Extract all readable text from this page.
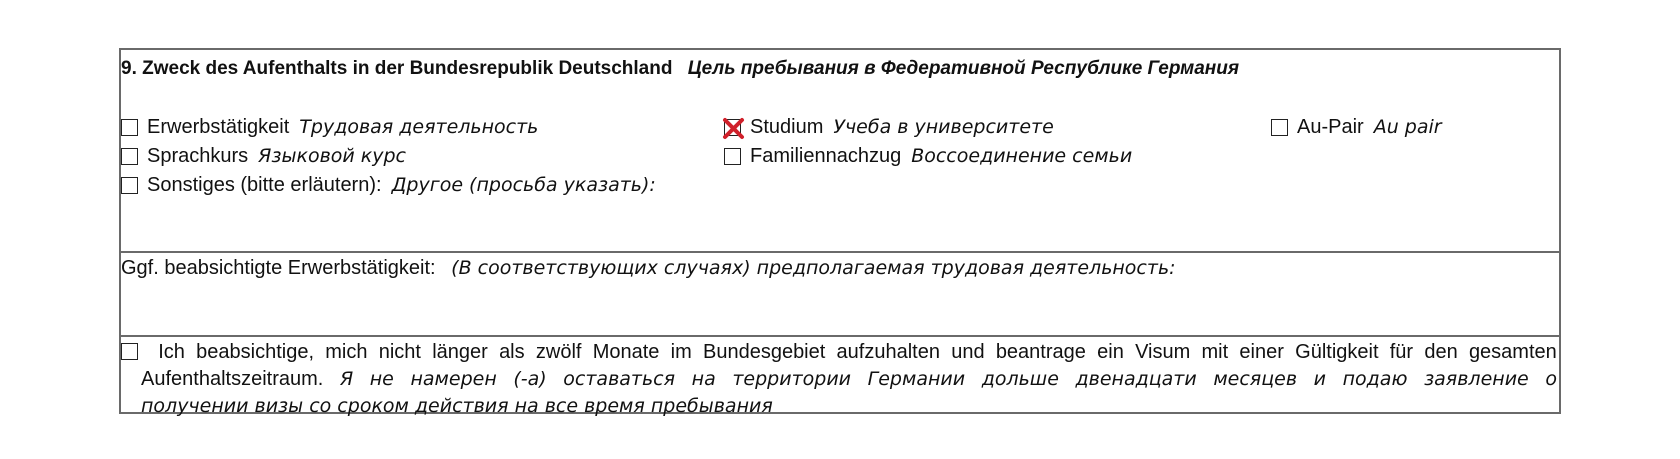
9. Zweck des Aufenthalts in der Bundesrepublik Deutschland Цель пребывания в Федеративной Республике Германия
Erwerbstätigkeit Трудовая деятельность	Studium Учеба в университете	Au-Pair Au pair
Sprachkurs Языковой курс	Familiennachzug Воссоединение семьи
Sonstiges (bitte erläutern): Другое (просьба указать):
Ggf. beabsichtigte Erwerbstätigkeit: (В соответствующих случаях) предполагаемая трудовая деятельность:
Ich beabsichtige, mich nicht länger als zwölf Monate im Bundesgebiet aufzuhalten und beantrage ein Visum mit einer Gültigkeit für den gesamten
Aufenthaltszeitraum. Я не намерен (-а) оставаться на территории Германии дольше двенадцати месяцев и подаю заявление о
получении визы со сроком действия на все время пребывания
